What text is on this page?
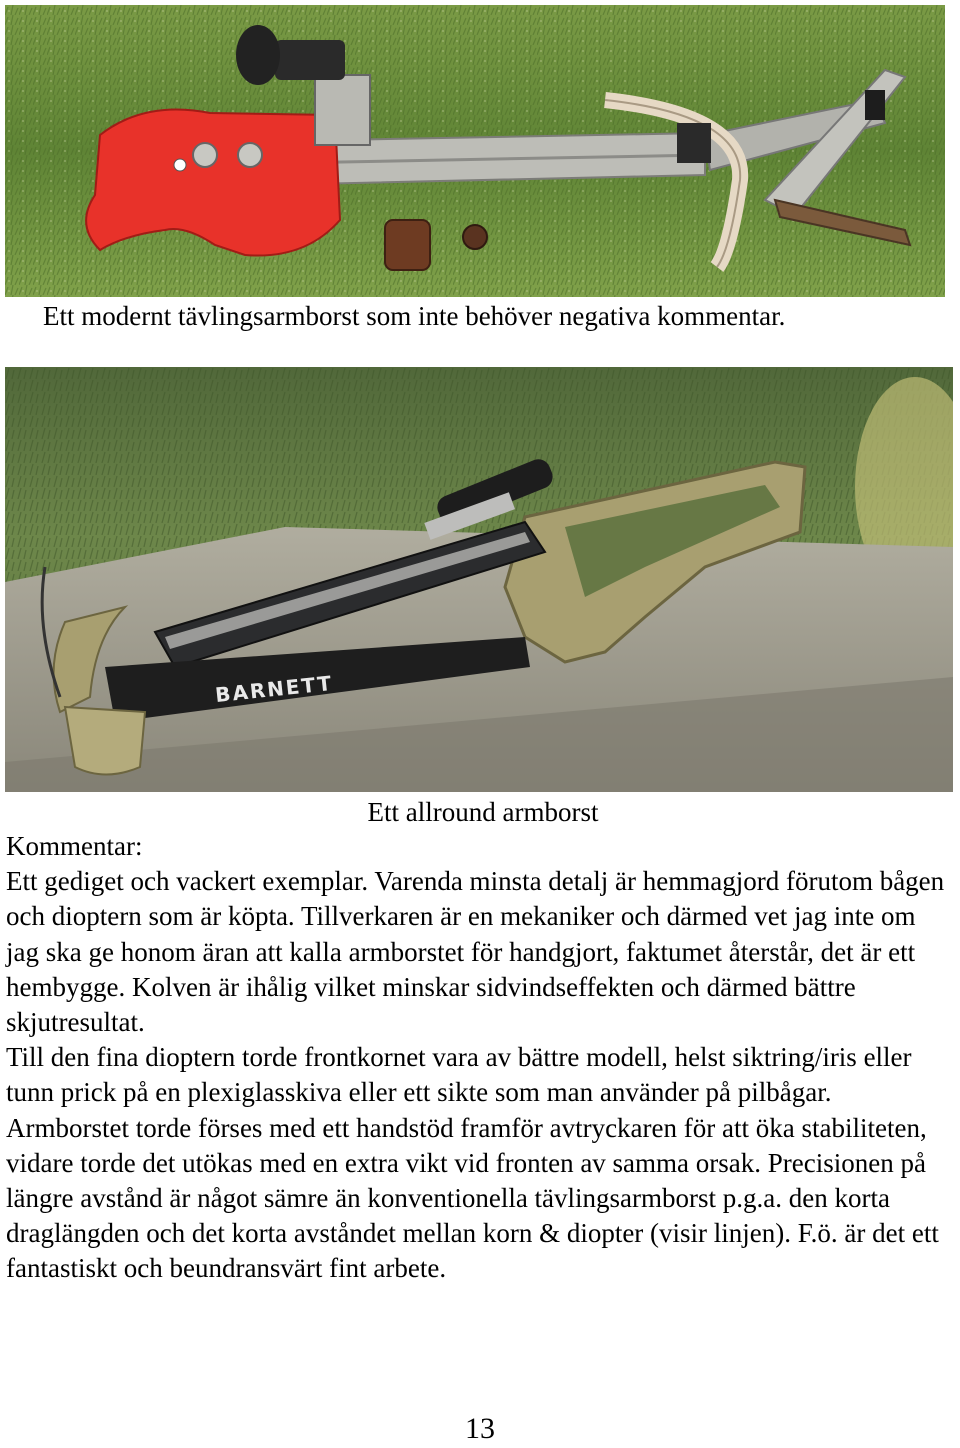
Ett modernt tävlingsarmborst som inte behöver negativa kommentar.
BARNETT
Ett allround armborst

Kommentar:

Ett gediget och vackert exemplar. Varenda minsta detalj är hemmagjord förutom bågen och dioptern som är köpta. Tillverkaren är en mekaniker och därmed vet jag inte om jag ska ge honom äran att kalla armborstet för handgjort, faktumet återstår, det är ett hembygge. Kolven är ihålig vilket minskar sidvindseffekten och därmed bättre skjutresultat.

Till den fina dioptern torde frontkornet vara av bättre modell, helst siktring/iris eller tunn prick på en plexiglasskiva eller ett sikte som man använder på pilbågar.

Armborstet torde förses med ett handstöd framför avtryckaren för att öka stabiliteten, vidare torde det utökas med en extra vikt vid fronten av samma orsak. Precisionen på längre avstånd är något sämre än konventionella tävlingsarmborst p.g.a. den korta draglängden och det korta avståndet mellan korn & diopter (visir linjen). F.ö. är det ett fantastiskt och beundransvärt fint arbete.

13
